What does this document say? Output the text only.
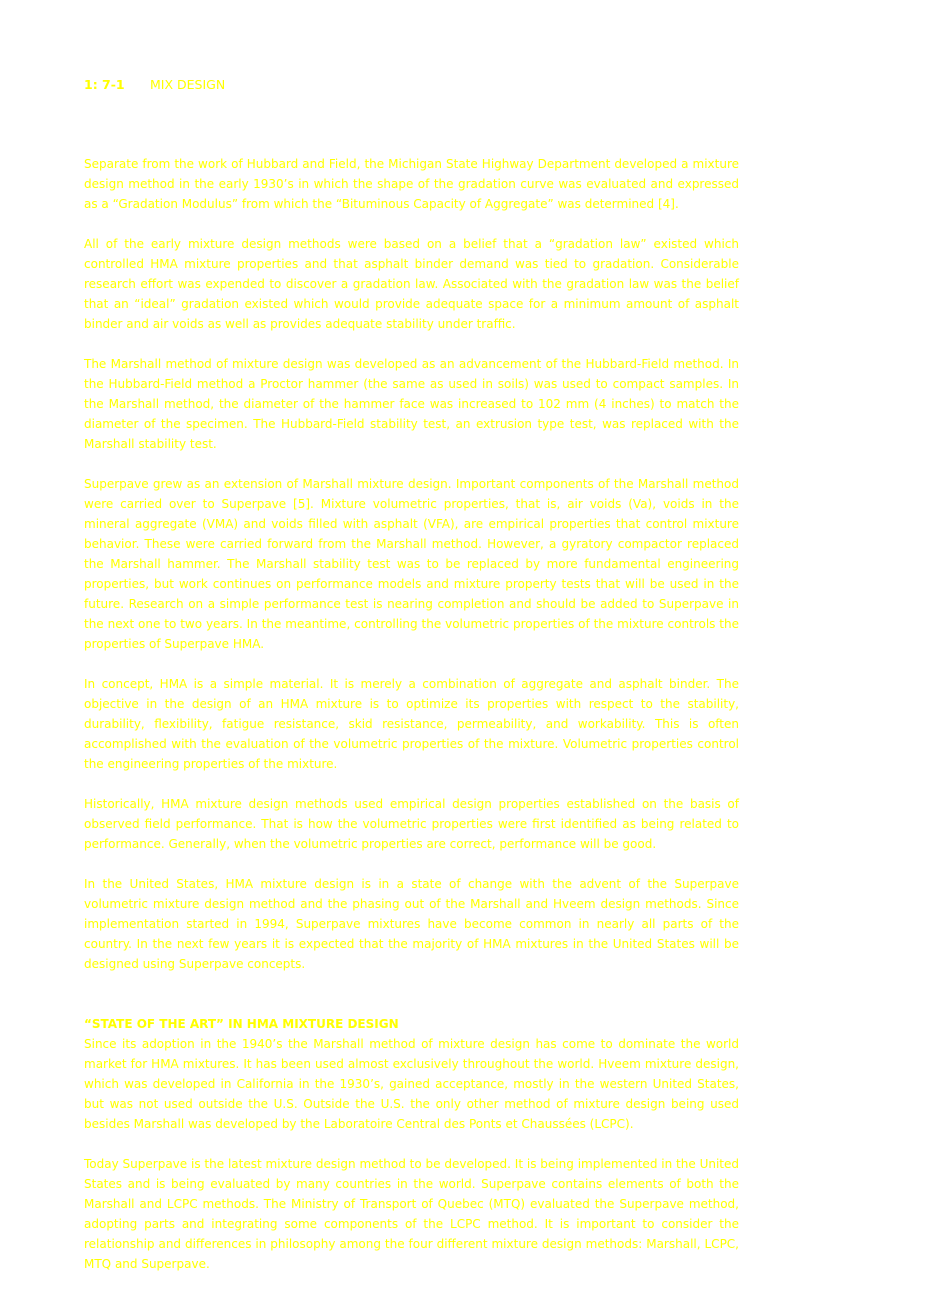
1: 7-1 MIX DESIGN

Separate from the work of Hubbard and Field, the Michigan State Highway Department developed a mixture design method in the early 1930’s in which the shape of the gradation curve was evaluated and expressed as a “Gradation Modulus” from which the “Bituminous Capacity of Aggregate” was determined [4].

All of the early mixture design methods were based on a belief that a “gradation law” existed which controlled HMA mixture properties and that asphalt binder demand was tied to gradation. Considerable research effort was expended to discover a gradation law. Associated with the gradation law was the belief that an “ideal” gradation existed which would provide adequate space for a minimum amount of asphalt binder and air voids as well as provides adequate stability under traffic.

The Marshall method of mixture design was developed as an advancement of the Hubbard-Field method. In the Hubbard-Field method a Proctor hammer (the same as used in soils) was used to compact samples. In the Marshall method, the diameter of the hammer face was increased to 102 mm (4 inches) to match the diameter of the specimen. The Hubbard-Field stability test, an extrusion type test, was replaced with the Marshall stability test.

Superpave grew as an extension of Marshall mixture design. Important components of the Marshall method were carried over to Superpave [5]. Mixture volumetric properties, that is, air voids (Va), voids in the mineral aggregate (VMA) and voids filled with asphalt (VFA), are empirical properties that control mixture behavior. These were carried forward from the Marshall method. However, a gyratory compactor replaced the Marshall hammer. The Marshall stability test was to be replaced by more fundamental engineering properties, but work continues on performance models and mixture property tests that will be used in the future. Research on a simple performance test is nearing completion and should be added to Superpave in the next one to two years. In the meantime, controlling the volumetric properties of the mixture controls the properties of Superpave HMA.

In concept, HMA is a simple material. It is merely a combination of aggregate and asphalt binder. The objective in the design of an HMA mixture is to optimize its properties with respect to the stability, durability, flexibility, fatigue resistance, skid resistance, permeability, and workability. This is often accomplished with the evaluation of the volumetric properties of the mixture. Volumetric properties control the engineering properties of the mixture.

Historically, HMA mixture design methods used empirical design properties established on the basis of observed field performance. That is how the volumetric properties were first identified as being related to performance. Generally, when the volumetric properties are correct, performance will be good.

In the United States, HMA mixture design is in a state of change with the advent of the Superpave volumetric mixture design method and the phasing out of the Marshall and Hveem design methods. Since implementation started in 1994, Superpave mixtures have become common in nearly all parts of the country. In the next few years it is expected that the majority of HMA mixtures in the United States will be designed using Superpave concepts.

“STATE OF THE ART” IN HMA MIXTURE DESIGN

Since its adoption in the 1940’s the Marshall method of mixture design has come to dominate the world market for HMA mixtures. It has been used almost exclusively throughout the world. Hveem mixture design, which was developed in California in the 1930’s, gained acceptance, mostly in the western United States, but was not used outside the U.S. Outside the U.S. the only other method of mixture design being used besides Marshall was developed by the Laboratoire Central des Ponts et Chaussées (LCPC).

Today Superpave is the latest mixture design method to be developed. It is being implemented in the United States and is being evaluated by many countries in the world. Superpave contains elements of both the Marshall and LCPC methods. The Ministry of Transport of Quebec (MTQ) evaluated the Superpave method, adopting parts and integrating some components of the LCPC method. It is important to consider the relationship and differences in philosophy among the four different mixture design methods: Marshall, LCPC, MTQ and Superpave.
